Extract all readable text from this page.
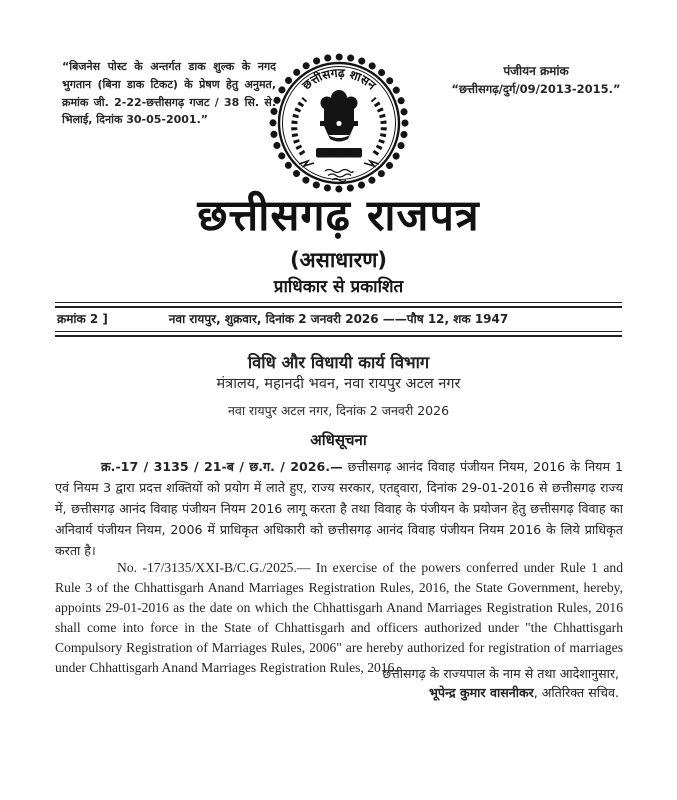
“बिजनेस पोस्ट के अन्तर्गत डाक शुल्क के नगद भुगतान (बिना डाक टिकट) के प्रेषण हेतु अनुमत, क्रमांक जी. 2-22-छत्तीसगढ़ गजट / 38 सि. से. भिलाई, दिनांक 30-05-2001.”
पंजीयन क्रमांक
“छत्तीसगढ़/दुर्ग/09/2013-2015.”
छत्तीसगढ़ शासन
सत्यमेव जयते
छत्तीसगढ़ राजपत्र
(असाधारण)
प्राधिकार से प्रकाशित
क्रमांक 2 ]	नवा रायपुर, शुक्रवार, दिनांक 2 जनवरी 2026 ——पौष 12, शक 1947
विधि और विधायी कार्य विभाग
मंत्रालय, महानदी भवन, नवा रायपुर अटल नगर
नवा रायपुर अटल नगर, दिनांक 2 जनवरी 2026
अधिसूचना

क्र.-17 / 3135 / 21-ब / छ.ग. / 2026.— छत्तीसगढ़ आनंद विवाह पंजीयन नियम, 2016 के नियम 1 एवं नियम 3 द्वारा प्रदत्त शक्तियों को प्रयोग में लाते हुए, राज्य सरकार, एतद्द्वारा, दिनांक 29-01-2016 से छत्तीसगढ़ राज्य में, छत्तीसगढ़ आनंद विवाह पंजीयन नियम 2016 लागू करता है तथा विवाह के पंजीयन के प्रयोजन हेतु छत्तीसगढ़ विवाह का अनिवार्य पंजीयन नियम, 2006 में प्राधिकृत अधिकारी को छत्तीसगढ़ आनंद विवाह पंजीयन नियम 2016 के लिये प्राधिकृत करता है।

No. -17/3135/XXI-B/C.G./2025.— In exercise of the powers conferred under Rule 1 and Rule 3 of the Chhattisgarh Anand Marriages Registration Rules, 2016, the State Government, hereby, appoints 29-01-2016 as the date on which the Chhattisgarh Anand Marriages Registration Rules, 2016 shall come into force in the State of Chhattisgarh and officers authorized under "the Chhattisgarh Compulsory Registration of Marriages Rules, 2006" are hereby authorized for registration of marriages under Chhattisgarh Anand Marriages Registration Rules, 2016.

छत्तीसगढ़ के राज्यपाल के नाम से तथा आदेशानुसार,
भूपेन्द्र कुमार वासनीकर, अतिरिक्त सचिव.
